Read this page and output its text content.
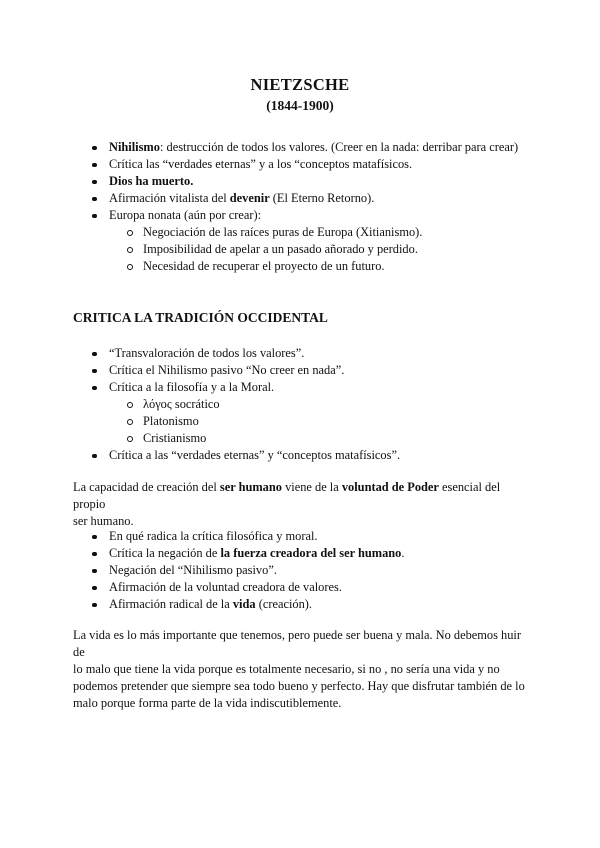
NIETZSCHE
(1844-1900)
Nihilismo: destrucción de todos los valores. (Creer en la nada: derribar para crear)
Crítica las “verdades eternas” y a los “conceptos matafísicos.
Dios ha muerto.
Afirmación vitalista del devenir (El Eterno Retorno).
Europa nonata (aún por crear):
Negociación de las raíces puras de Europa (Xitianismo).
Imposibilidad de apelar a un pasado añorado y perdido.
Necesidad de recuperar el proyecto de un futuro.
CRITICA LA TRADICIÓN OCCIDENTAL
“Transvaloración de todos los valores”.
Crítica el Nihilismo pasivo “No creer en nada”.
Crítica a la filosofía y a la Moral.
λόγος socrático
Platonismo
Cristianismo
Crítica a las “verdades eternas” y “conceptos matafísicos”.
La capacidad de creación del ser humano viene de la voluntad de Poder esencial del propio
ser humano.
En qué radica la crítica filosófica y moral.
Crítica la negación de la fuerza creadora del ser humano.
Negación del “Nihilismo pasivo”.
Afirmación de la voluntad creadora de valores.
Afirmación radical de la vida (creación).
La vida es lo más importante que tenemos, pero puede ser buena y mala. No debemos huir de
lo malo que tiene la vida porque es totalmente necesario, si no , no sería una vida y no
podemos pretender que siempre sea todo bueno y perfecto. Hay que disfrutar también de lo
malo porque forma parte de la vida indiscutiblemente.
